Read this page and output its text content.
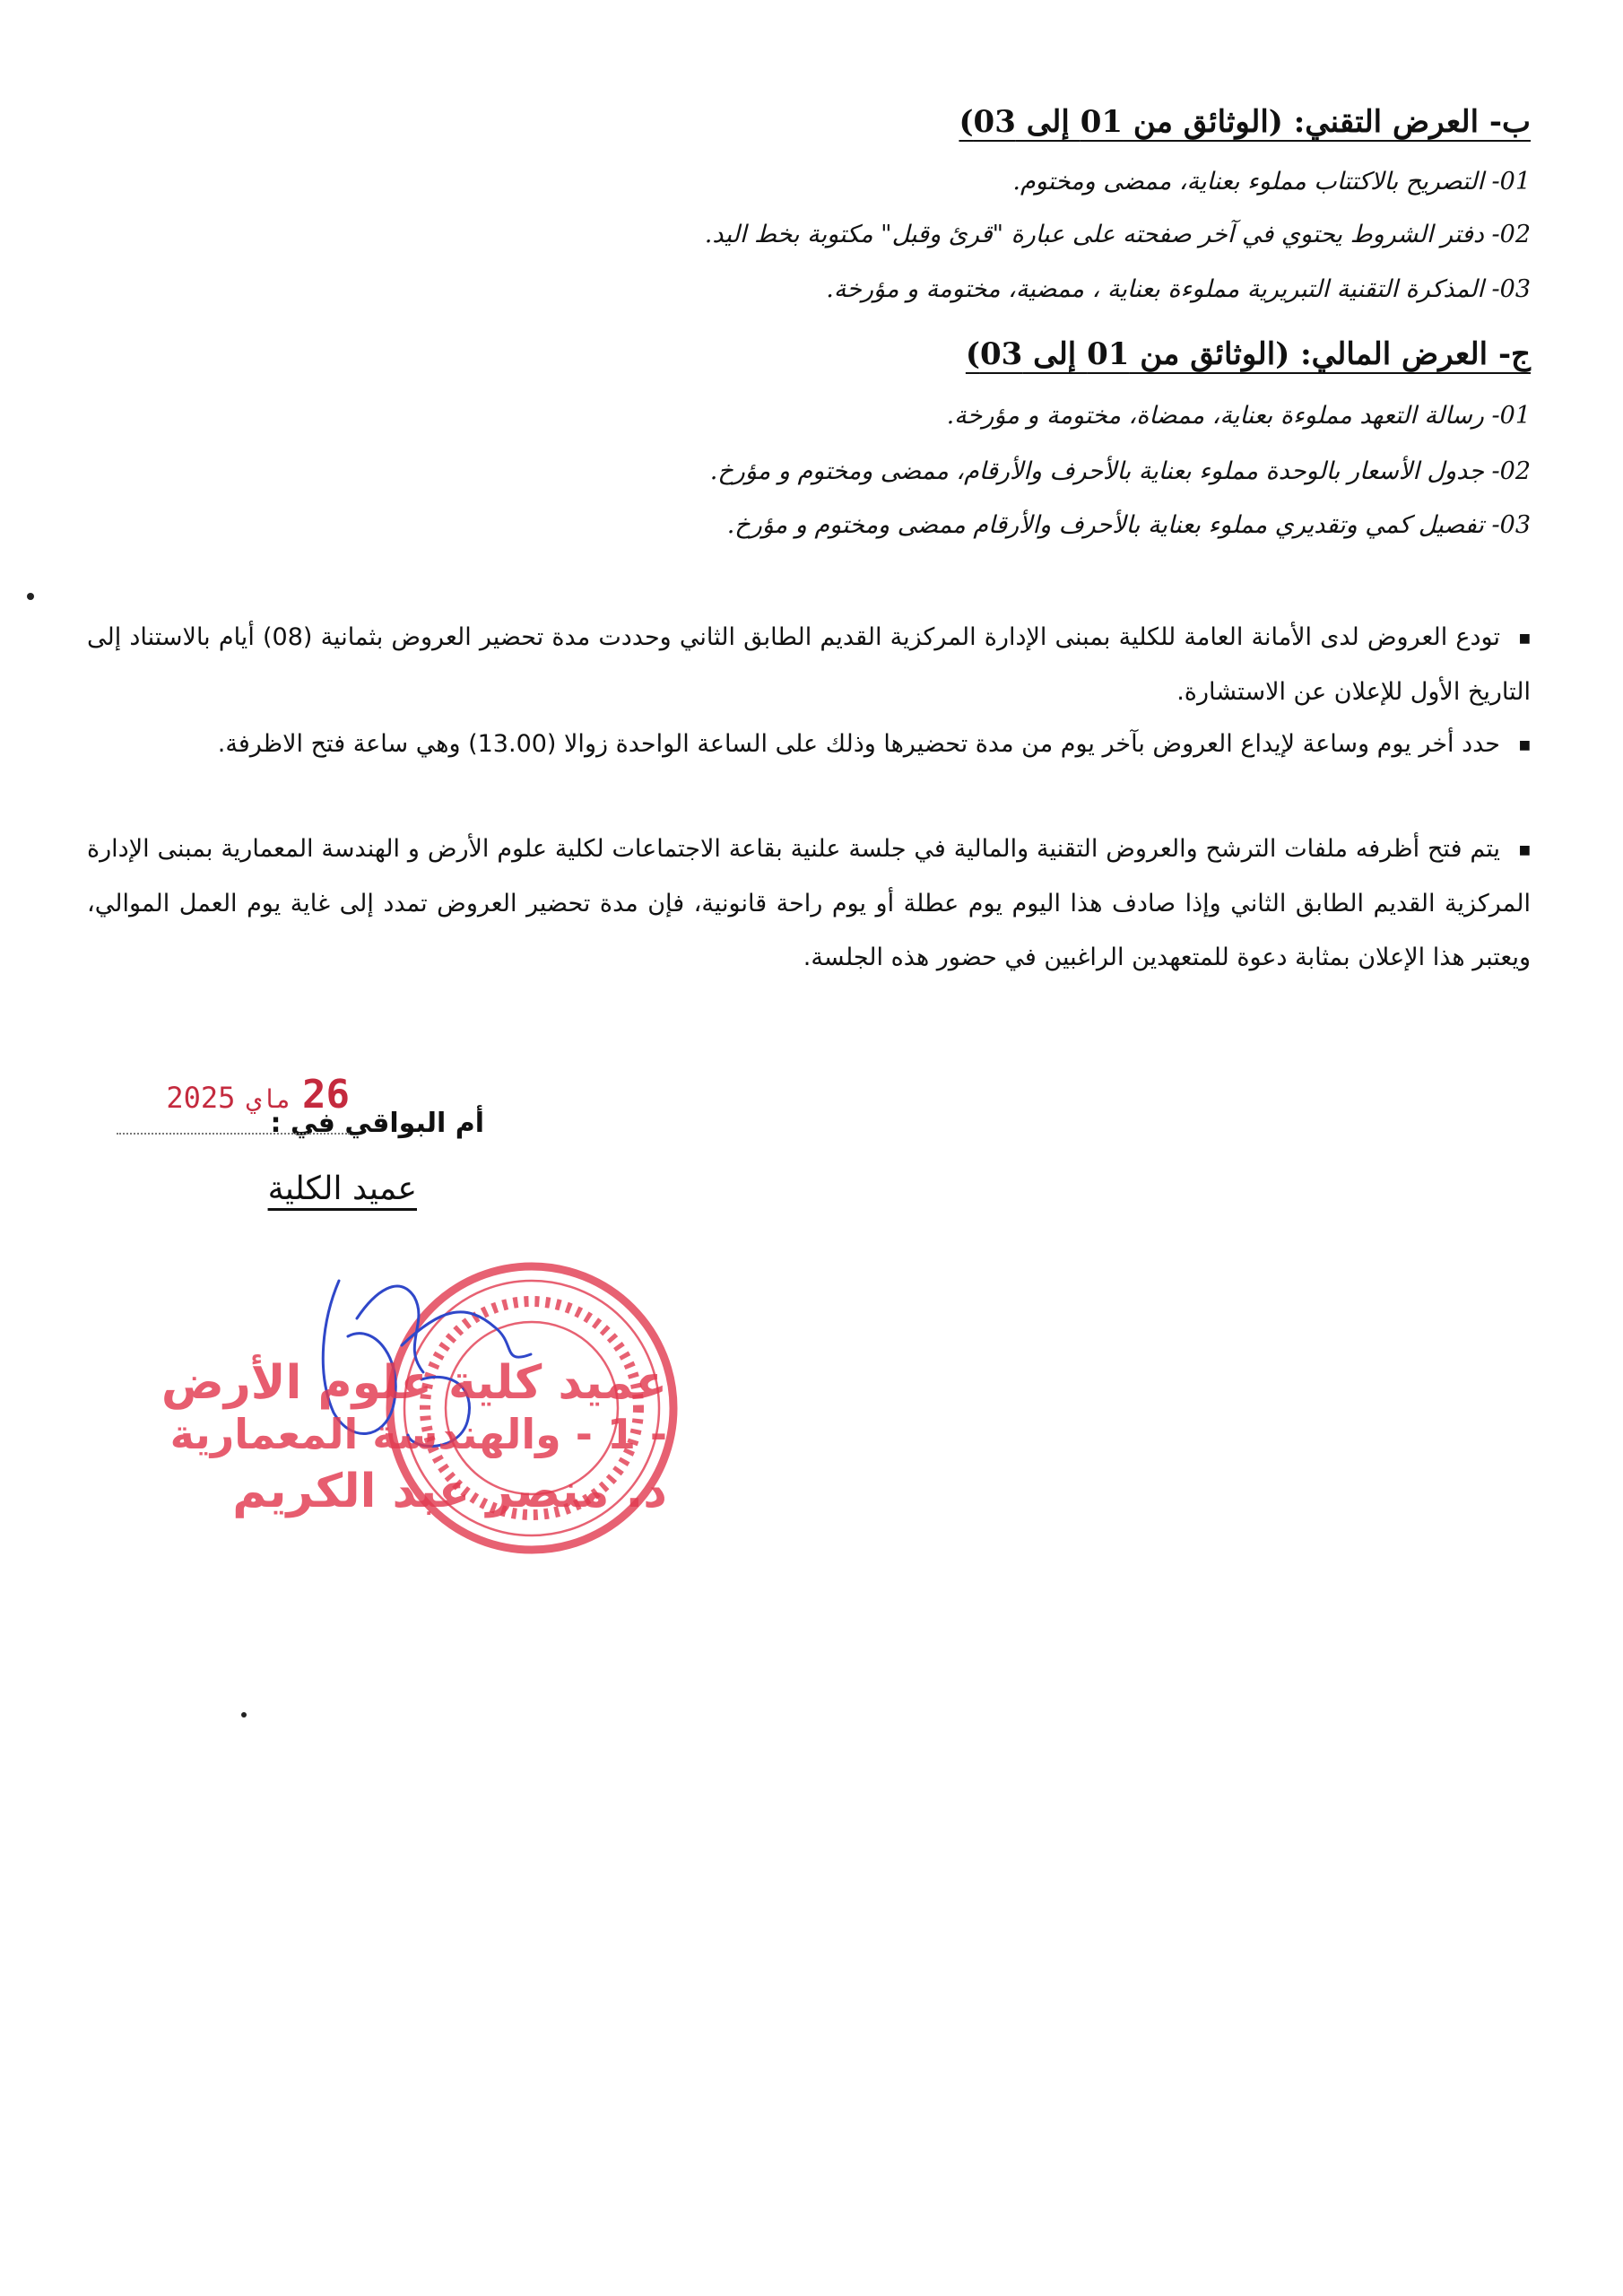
ب- العرض التقني: (الوثائق من 01 إلى 03)
01- التصريح بالاكتتاب مملوء بعناية، ممضى ومختوم.
02- دفتر الشروط يحتوي في آخر صفحته على عبارة "قرئ وقبل" مكتوبة بخط اليد.
03- المذكرة التقنية التبريرية مملوءة بعناية ، ممضية، مختومة و مؤرخة.
ج- العرض المالي: (الوثائق من 01 إلى 03)
01- رسالة التعهد مملوءة بعناية، ممضاة، مختومة و مؤرخة.
02- جدول الأسعار بالوحدة مملوء بعناية بالأحرف والأرقام، ممضى ومختوم و مؤرخ.
03- تفصيل كمي وتقديري مملوء بعناية بالأحرف والأرقام ممضى ومختوم و مؤرخ.

■تودع العروض لدى الأمانة العامة للكلية بمبنى الإدارة المركزية القديم الطابق الثاني وحددت مدة تحضير العروض بثمانية (08) أيام بالاستناد إلى التاريخ الأول للإعلان عن الاستشارة.

■حدد أخر يوم وساعة لإيداع العروض بآخر يوم من مدة تحضيرها وذلك على الساعة الواحدة زوالا (13.00) وهي ساعة فتح الاظرفة.

■يتم فتح أظرفه ملفات الترشح والعروض التقنية والمالية في جلسة علنية بقاعة الاجتماعات لكلية علوم الأرض و الهندسة المعمارية بمبنى الإدارة المركزية القديم الطابق الثاني وإذا صادف هذا اليوم يوم عطلة أو يوم راحة قانونية، فإن مدة تحضير العروض تمدد إلى غاية يوم العمل الموالي، ويعتبر هذا الإعلان بمثابة دعوة للمتعهدين الراغبين في حضور هذه الجلسة.

26ماي2025
أم البواقي في :
عميد الكلية
عميد كلية علوم الأرض
- 1 - والهندسة المعمارية
د. منصر عبد الكريم
